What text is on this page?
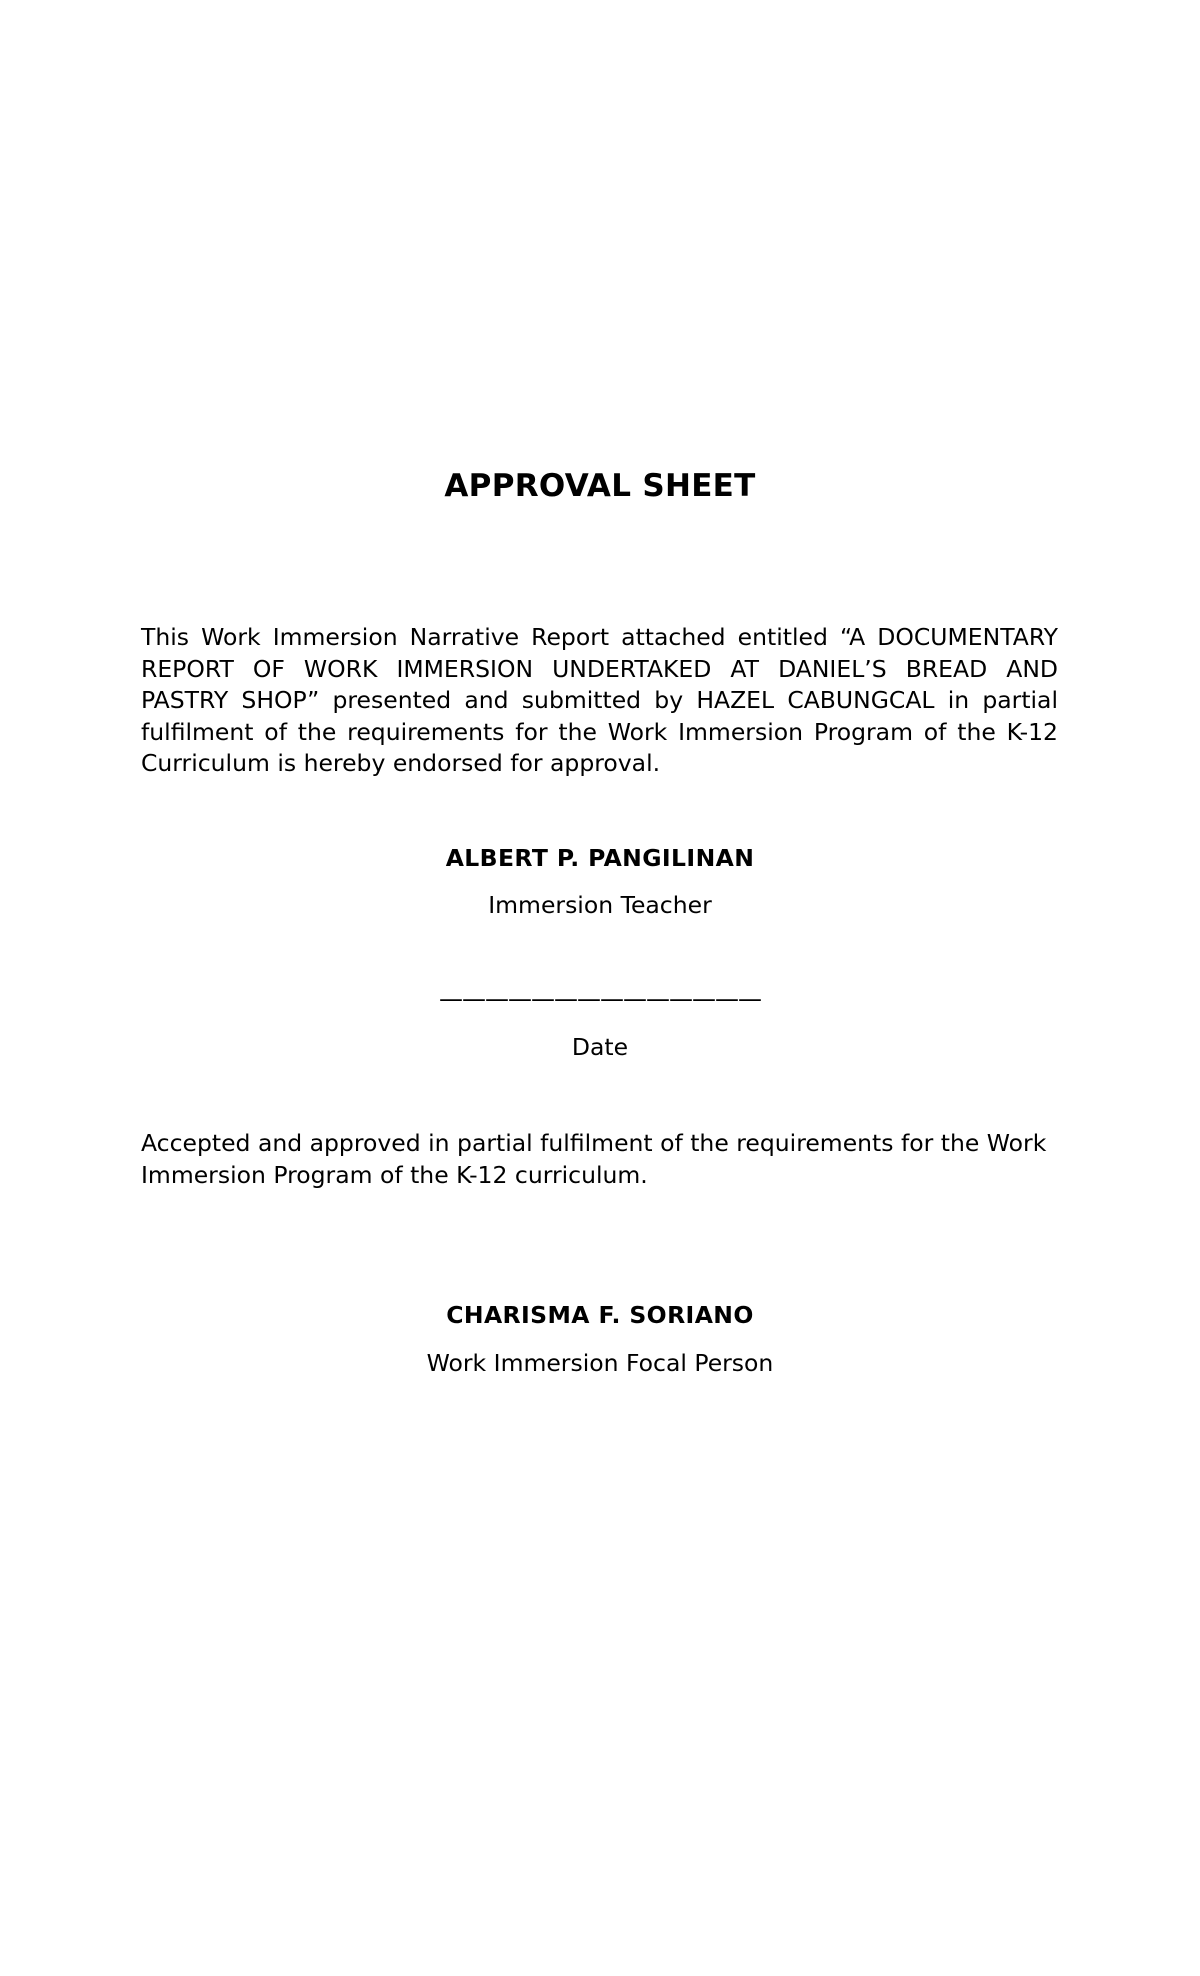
APPROVAL SHEET
This Work Immersion Narrative Report attached entitled “A DOCUMENTARY
REPORT OF WORK IMMERSION UNDERTAKED AT DANIEL’S BREAD AND
PASTRY SHOP” presented and submitted by HAZEL CABUNGCAL in partial
fulfilment of the requirements for the Work Immersion Program of the K-12
Curriculum is hereby endorsed for approval.
ALBERT P. PANGILINAN
Immersion Teacher
——————————————
Date
Accepted and approved in partial fulfilment of the requirements for the Work
Immersion Program of the K-12 curriculum.
CHARISMA F. SORIANO
Work Immersion Focal Person
